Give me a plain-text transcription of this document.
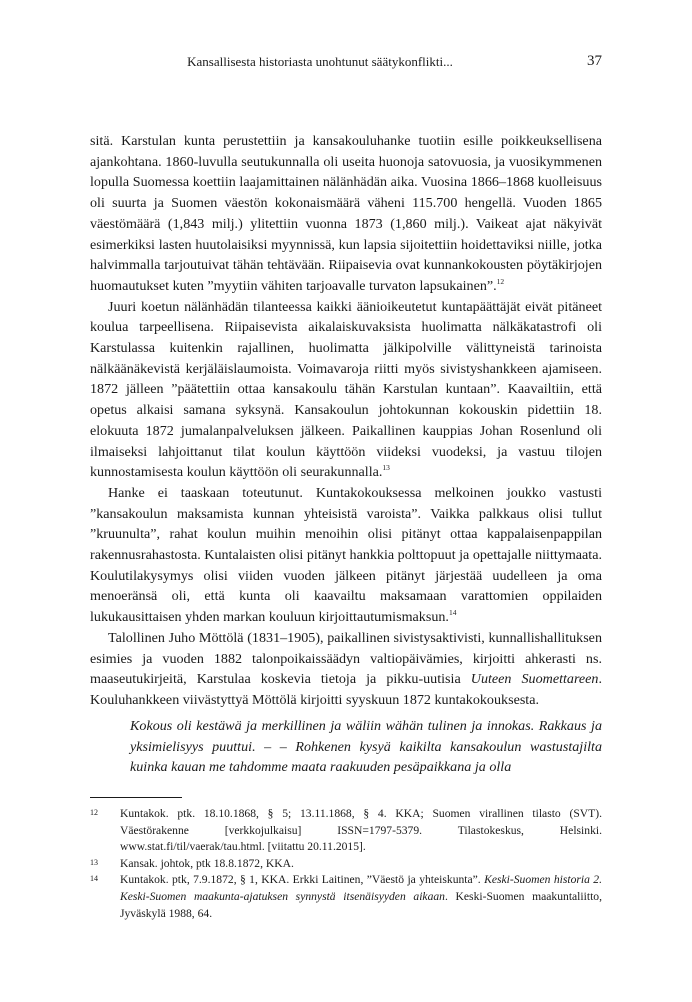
Kansallisesta historiasta unohtunut säätykonflikti...	37

sitä. Karstulan kunta perustettiin ja kansakouluhanke tuotiin esille poikkeuksellisena ajankohtana. 1860-luvulla seutukunnalla oli useita huonoja satovuosia, ja vuosikymmenen lopulla Suomessa koettiin laajamittainen nälänhädän aika. Vuosina 1866–1868 kuolleisuus oli suurta ja Suomen väestön kokonaismäärä väheni 115.700 hengellä. Vuoden 1865 väestömäärä (1,843 milj.) ylitettiin vuonna 1873 (1,860 milj.). Vaikeat ajat näkyivät esimerkiksi lasten huutolaisiksi myynnissä, kun lapsia sijoitettiin hoidettaviksi niille, jotka halvimmalla tarjoutuivat tähän tehtävään. Riipaisevia ovat kunnankokousten pöytäkirjojen huomautukset kuten ”myytiin vähiten tarjoavalle turvaton lapsukainen”.$^{12}$

Juuri koetun nälänhädän tilanteessa kaikki äänioikeutetut kuntapäättäjät eivät pitäneet koulua tarpeellisena. Riipaisevista aikalaiskuvaksista huolimatta nälkäkatastrofi oli Karstulassa kuitenkin rajallinen, huolimatta jälkipolville välittyneistä tarinoista nälkäänäkevistä kerjäläislaumoista. Voimavaroja riitti myös sivistyshankkeen ajamiseen. 1872 jälleen ”päätettiin ottaa kansakoulu tähän Karstulan kuntaan”. Kaavailtiin, että opetus alkaisi samana syksynä. Kansakoulun johtokunnan kokouskin pidettiin 18. elokuuta 1872 jumalanpalveluksen jälkeen. Paikallinen kauppias Johan Rosenlund oli ilmaiseksi lahjoittanut tilat koulun käyttöön viideksi vuodeksi, ja vastuu tilojen kunnostamisesta koulun käyttöön oli seurakunnalla.$^{13}$

Hanke ei taaskaan toteutunut. Kuntakokouksessa melkoinen joukko vastusti ”kansakoulun maksamista kunnan yhteisistä varoista”. Vaikka palkkaus olisi tullut ”kruunulta”, rahat koulun muihin menoihin olisi pitänyt ottaa kappalaisenpappilan rakennusrahastosta. Kuntalaisten olisi pitänyt hankkia polttopuut ja opettajalle niittymaata. Koulutilakysymys olisi viiden vuoden jälkeen pitänyt järjestää uudelleen ja oma menoeränsä oli, että kunta oli kaavailtu maksamaan varattomien oppilaiden lukukausittaisen yhden markan kouluun kirjoittautumismaksun.$^{14}$

Talollinen Juho Möttölä (1831–1905), paikallinen sivistysaktivisti, kunnallishallituksen esimies ja vuoden 1882 talonpoikaissäädyn valtiopäivämies, kirjoitti ahkerasti ns. maaseutukirjeitä, Karstulaa koskevia tietoja ja pikku-uutisia Uuteen Suomettareen. Kouluhankkeen viivästyttyä Möttölä kirjoitti syyskuun 1872 kuntakokouksesta.

Kokous oli kestäwä ja merkillinen ja wäliin wähän tulinen ja innokas. Rakkaus ja yksimielisyys puuttui. – – Rohkenen kysyä kaikilta kansakoulun wastustajilta kuinka kauan me tahdomme maata raakuuden pesäpaikkana ja olla
12	Kuntakok. ptk. 18.10.1868, § 5; 13.11.1868, § 4. KKA; Suomen virallinen tilasto (SVT). Väestörakenne [verkkojulkaisu] ISSN=1797-5379. Tilastokeskus, Helsinki. www.stat.fi/til/vaerak/tau.html. [viitattu 20.11.2015].
13	Kansak. johtok, ptk 18.8.1872, KKA.
14	Kuntakok. ptk, 7.9.1872, § 1, KKA. Erkki Laitinen, ”Väestö ja yhteiskunta”. Keski-Suomen historia 2. Keski-Suomen maakunta-ajatuksen synnystä itsenäisyyden aikaan. Keski-Suomen maakuntaliitto, Jyväskylä 1988, 64.
